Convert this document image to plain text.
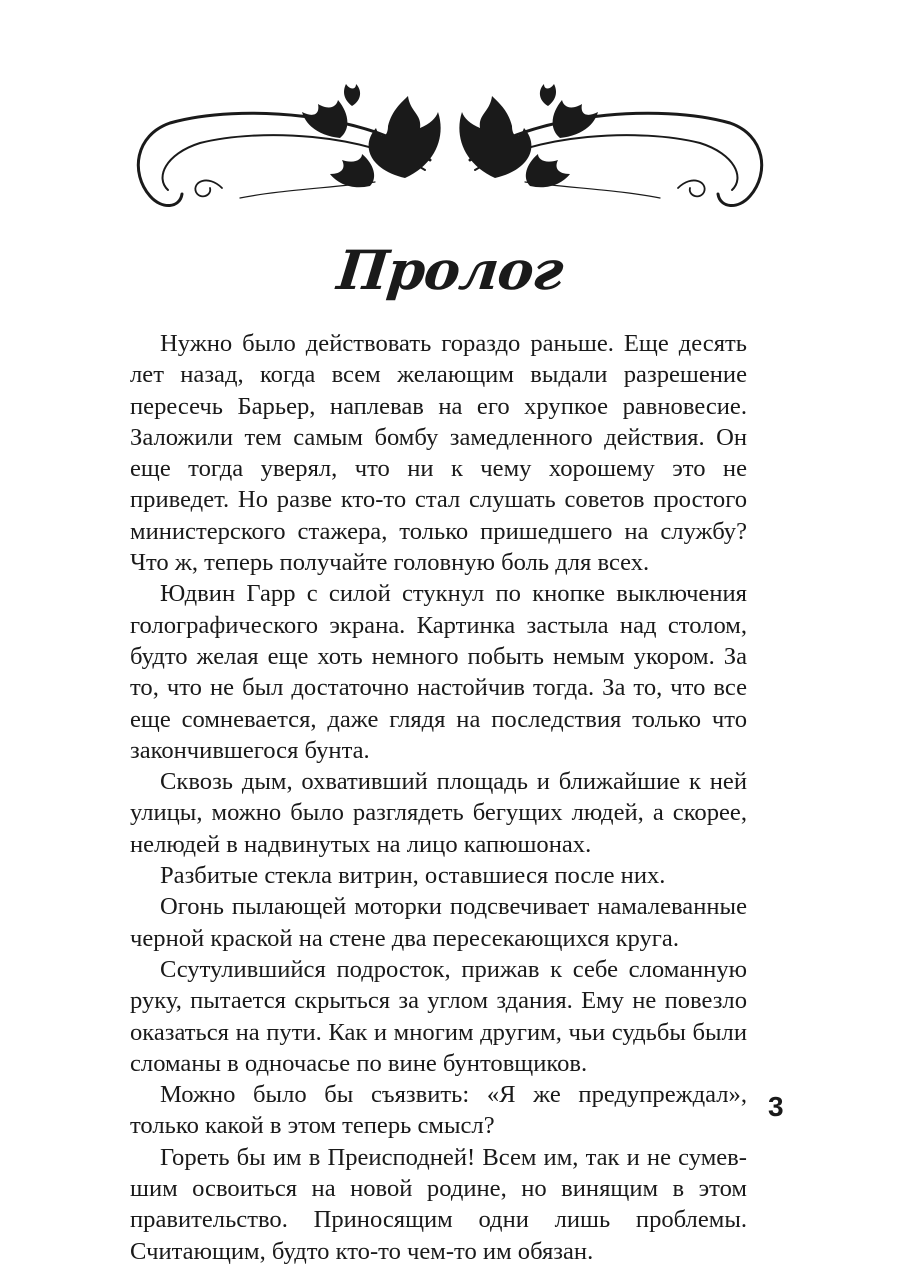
Пролог

Нужно было действовать гораздо раньше. Еще десять лет назад, когда всем желающим выдали разрешение пересечь Барьер, наплевав на его хрупкое равновесие. Заложили тем самым бомбу замедленного действия. Он еще тогда уверял, что ни к чему хорошему это не приведет. Но разве кто-то стал слушать советов простого министерского стажера, только пришедшего на службу? Что ж, теперь получайте головную боль для всех.

Юдвин Гарр с силой стукнул по кнопке выключения голографического экрана. Картинка застыла над столом, будто желая еще хоть немного побыть немым укором. За то, что не был достаточно настойчив тогда. За то, что все еще сомневается, даже глядя на последствия только что закончившегося бунта.

Сквозь дым, охвативший площадь и ближайшие к ней улицы, можно было разглядеть бегущих людей, а скорее, нелюдей в надвинутых на лицо капюшонах.

Разбитые стекла витрин, оставшиеся после них.

Огонь пылающей моторки подсвечивает намалеванные черной краской на стене два пересекающихся круга.

Ссутулившийся подросток, прижав к себе сломанную руку, пытается скрыться за углом здания. Ему не повезло оказаться на пути. Как и многим другим, чьи судьбы были сломаны в одночасье по вине бунтовщиков.

Можно было бы съязвить: «Я же предупреждал», только какой в этом теперь смысл?

Гореть бы им в Преисподней! Всем им, так и не сумевшим освоиться на новой родине, но винящим в этом правительство. Приносящим одни лишь проблемы. Считающим, будто кто-то чем-то им обязан.

3
